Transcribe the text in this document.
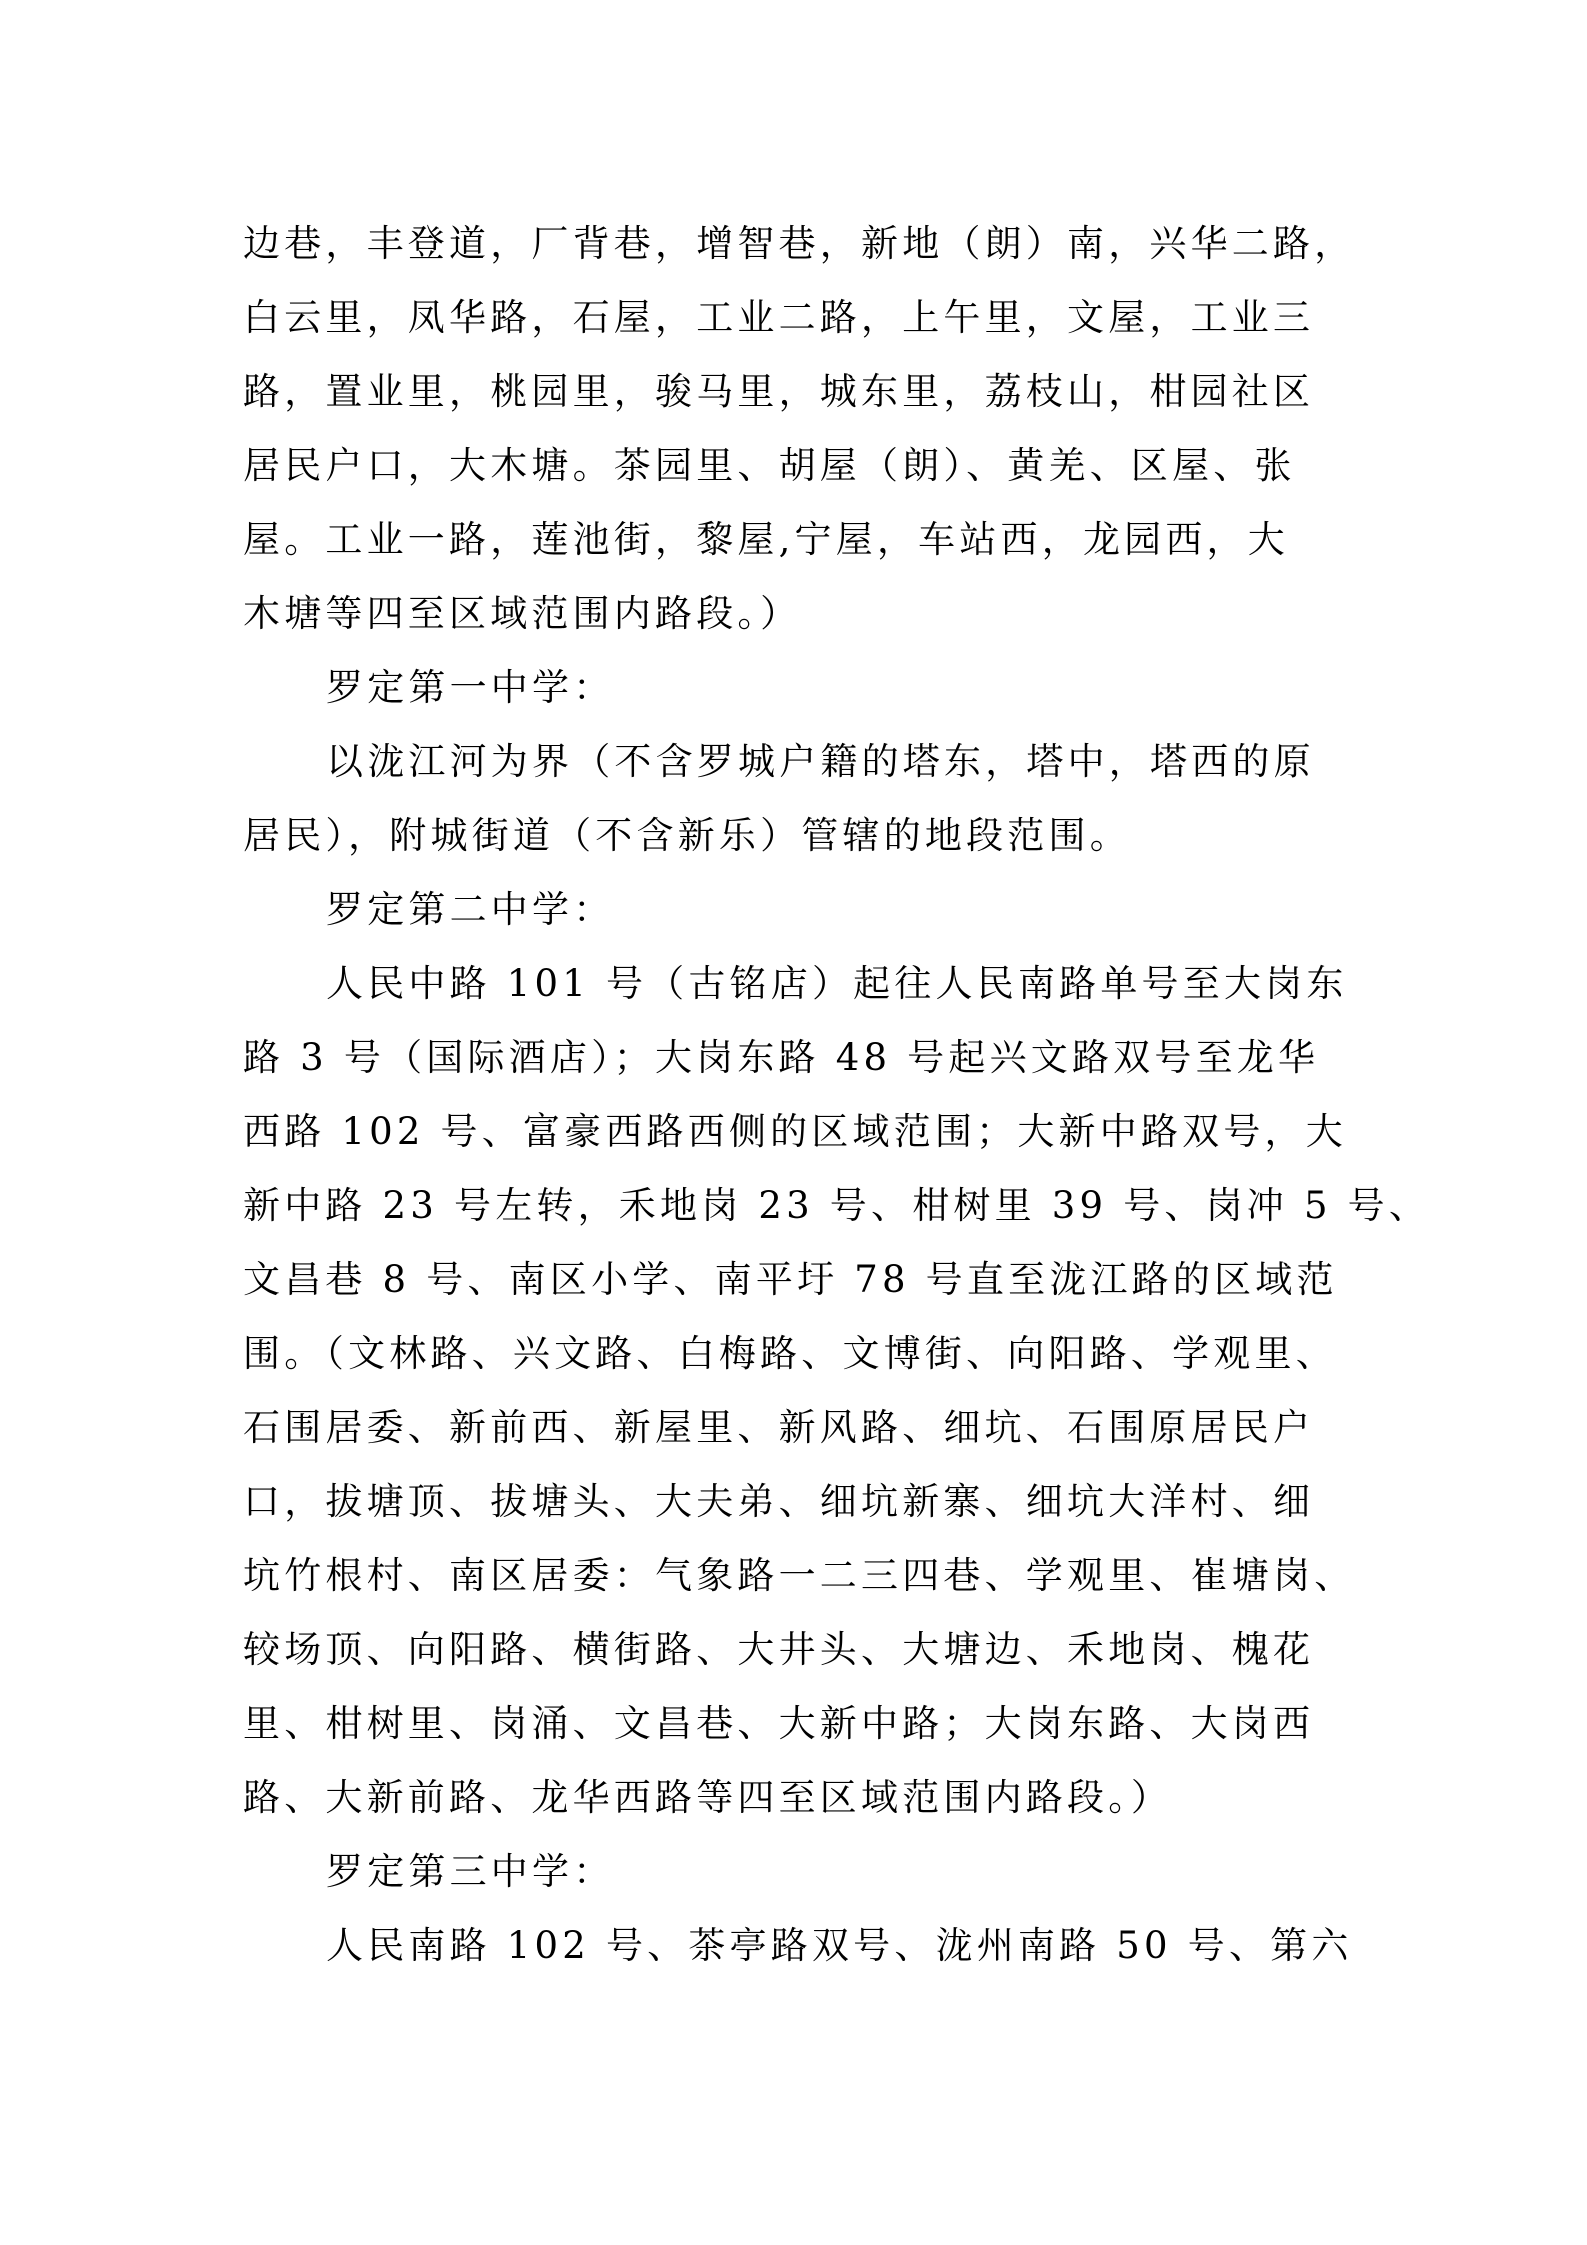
边巷，丰登道，厂背巷，增智巷，新地（朗）南，兴华二路，
白云里，凤华路，石屋，工业二路，上午里，文屋，工业三
路，置业里，桃园里，骏马里，城东里，荔枝山，柑园社区
居民户口，大木塘。茶园里、胡屋（朗）、黄羌、区屋、张
屋。工业一路，莲池街，黎屋,宁屋，车站西，龙园西，大
木塘等四至区域范围内路段。）
罗定第一中学：
以泷江河为界（不含罗城户籍的塔东，塔中，塔西的原
居民），附城街道（不含新乐）管辖的地段范围。
罗定第二中学：
人民中路 101 号（古铭店）起往人民南路单号至大岗东
路 3 号（国际酒店）；大岗东路 48 号起兴文路双号至龙华
西路 102 号、富豪西路西侧的区域范围；大新中路双号，大
新中路 23 号左转，禾地岗 23 号、柑树里 39 号、岗冲 5 号、
文昌巷 8 号、南区小学、南平圩 78 号直至泷江路的区域范
围。（文林路、兴文路、白梅路、文博街、向阳路、学观里、
石围居委、新前西、新屋里、新风路、细坑、石围原居民户
口，拔塘顶、拔塘头、大夫弟、细坑新寨、细坑大洋村、细
坑竹根村、南区居委：气象路一二三四巷、学观里、崔塘岗、
较场顶、向阳路、横街路、大井头、大塘边、禾地岗、槐花
里、柑树里、岗涌、文昌巷、大新中路；大岗东路、大岗西
路、大新前路、龙华西路等四至区域范围内路段。）
罗定第三中学：
人民南路 102 号、茶亭路双号、泷州南路 50 号、第六
